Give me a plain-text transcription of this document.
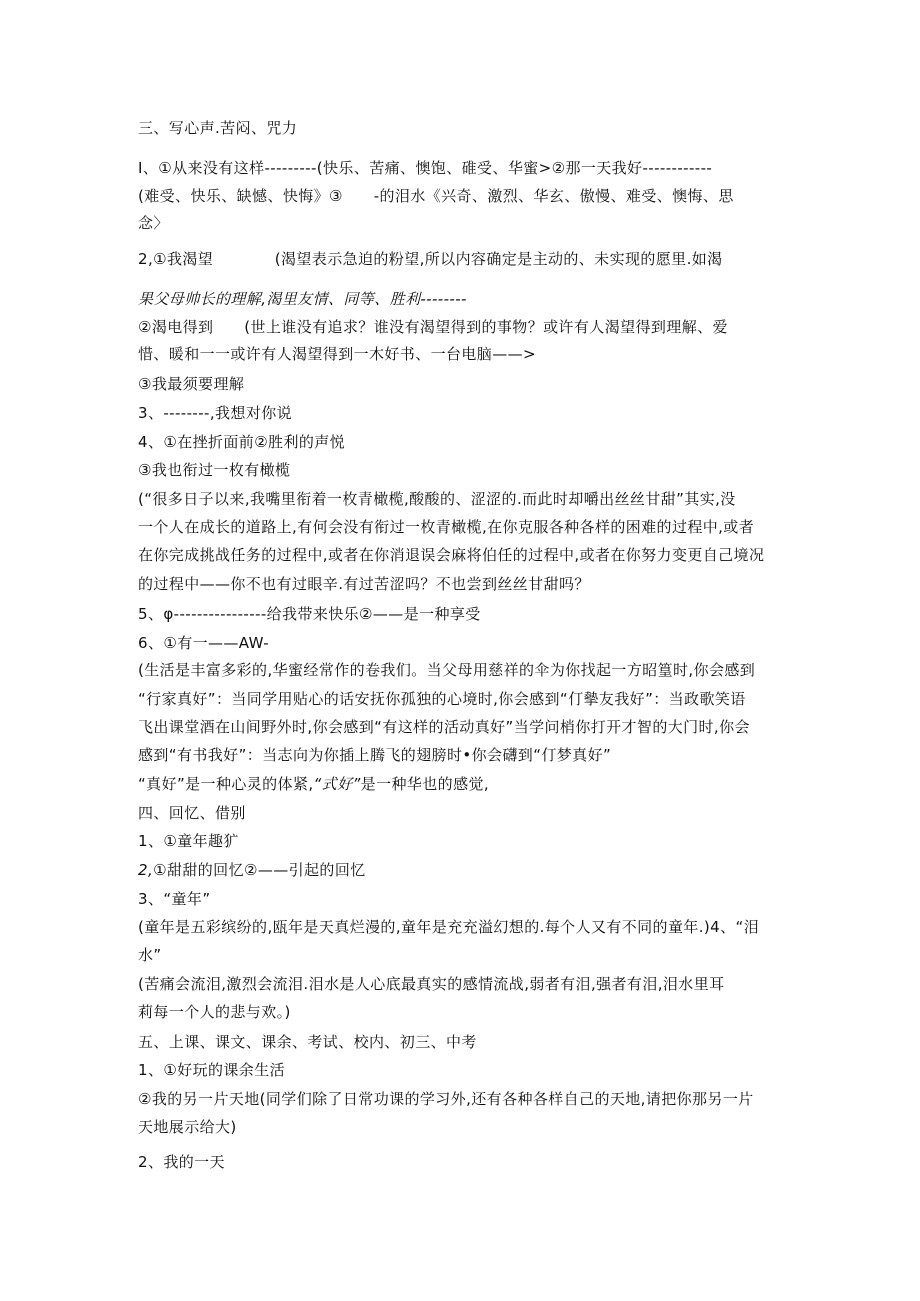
三、写心声.苦闷、咒力

I、①从来没有这样---------(快乐、苦痛、懊饱、碓受、华蜜>②那一天我好------------

(难受、快乐、缺憾、快悔》③　　-的泪水《兴奇、激烈、华玄、傲慢、难受、懊悔、思

念〉

2,①我渴望　　　　(渴望表示急迫的粉望,所以内容确定是主动的、未实现的愿里.如渴

果父母帅长的理解,渴里友情、同等、胜利--------

②渴电得到　　(世上谁没有追求？谁没有渴望得到的事物？或许有人渴望得到理解、爱

惜、暖和一一或许有人渴望得到一木好书、一台电脑——>

③我最须要理解

3、--------,我想对你说

4、①在挫折面前②胜利的声悦

③我也衔过一枚有橄榄

(“很多日子以来,我嘴里衔着一枚青橄榄,酸酸的、涩涩的.而此时却嚼出丝丝甘甜”其实,没

一个人在成长的道路上,有何会没有衔过一枚青橄榄,在你克服各种各样的困难的过程中,或者

在你完成挑战任务的过程中,或者在你消退误会麻将伯任的过程中,或者在你努力变更自己境况

的过程中——你不也有过眼辛.有过苦涩吗？不也尝到丝丝甘甜吗？

5、φ----------------给我带来快乐②——是一种享受

6、①有一——AW-

(生活是丰富多彩的,华蜜经常作的卷我们。当父母用慈祥的伞为你找起一方昭篁时,你会感到

“行家真好”：当同学用贴心的话安抚你孤独的心境时,你会感到“仃摰友我好”：当政歌笑语

飞出课堂酒在山间野外时,你会感到“有这样的活动真好”当学问梢你打开才智的大门时,你会

感到“有书我好”：当志向为你插上腾飞的翅膀时•你会礴到“仃梦真好”

“真好”是一种心灵的体紧,“式好”是一种华也的感觉,

四、回忆、借别

1、①童年趣犷

2,①甜甜的回忆②——引起的回忆

3、“童年”

(童年是五彩缤纷的,瓯年是天真烂漫的,童年是充充溢幻想的.每个人又有不同的童年.)4、“泪

水”

(苦痛会流泪,激烈会流泪.泪水是人心底最真实的感情流战,弱者有泪,强者有泪,泪水里耳

莉每一个人的悲与欢。)

五、上课、课文、课余、考试、校内、初三、中考

1、①好玩的课余生活

②我的另一片天地(同学们除了日常功课的学习外,还有各种各样自己的天地,请把你那另一片

天地展示给大)

2、我的一天
